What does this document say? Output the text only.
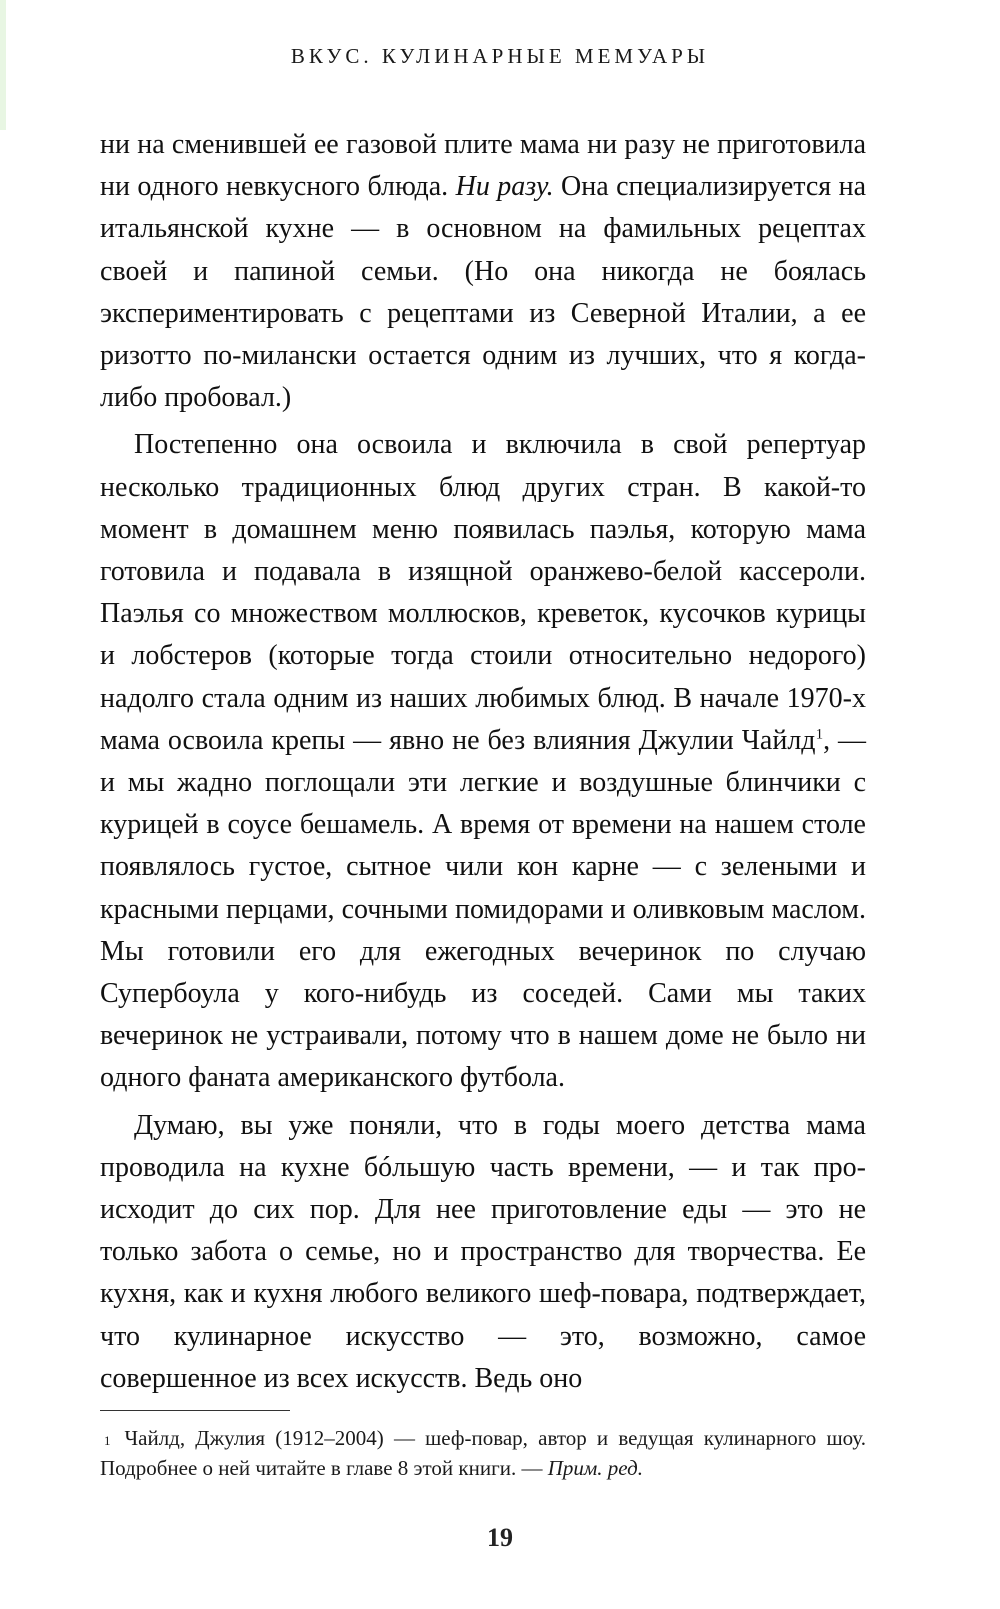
ВКУС. КУЛИНАРНЫЕ МЕМУАРЫ

ни на сменившей ее газовой плите мама ни разу не приготовила ни одного невкусного блюда. Ни разу. Она специализируется на итальянской кухне — в основном на фамильных рецептах своей и папиной семьи. (Но она никогда не боялась экспериментировать с рецептами из Северной Италии, а ее ризотто по-милански остается одним из лучших, что я когда-либо пробовал.)

Постепенно она освоила и включила в свой репертуар несколько традиционных блюд других стран. В какой-то момент в домашнем меню появилась паэлья, которую мама готовила и подавала в изящной оранжево-белой кассероли. Паэлья со множеством моллюсков, креветок, кусочков курицы и лобстеров (которые тогда стоили относительно недорого) надолго стала одним из наших любимых блюд. В начале 1970-х мама освоила крепы — явно не без влияния Джулии Чайлд$^1$, — и мы жадно поглощали эти легкие и воздушные блинчики с курицей в соусе бешамель. А время от времени на нашем столе появлялось густое, сытное чили кон карне — с зелеными и красными перцами, сочными помидорами и оливковым маслом. Мы готовили его для ежегодных вечеринок по случаю Супербоула у кого-нибудь из соседей. Сами мы таких вечеринок не устраивали, потому что в нашем доме не было ни одного фаната американского футбола.

Думаю, вы уже поняли, что в годы моего детства мама проводила на кухне бóльшую часть времени, — и так происходит до сих пор. Для нее приготовление еды — это не только забота о семье, но и пространство для творчества. Ее кухня, как и кухня любого великого шеф-повара, подтверждает, что кулинарное искусство — это, возможно, самое совершенное из всех искусств. Ведь оно

$^1$ Чайлд, Джулия (1912–2004) — шеф-повар, автор и ведущая кулинарного шоу. Подробнее о ней читайте в главе 8 этой книги. — Прим. ред.
19
